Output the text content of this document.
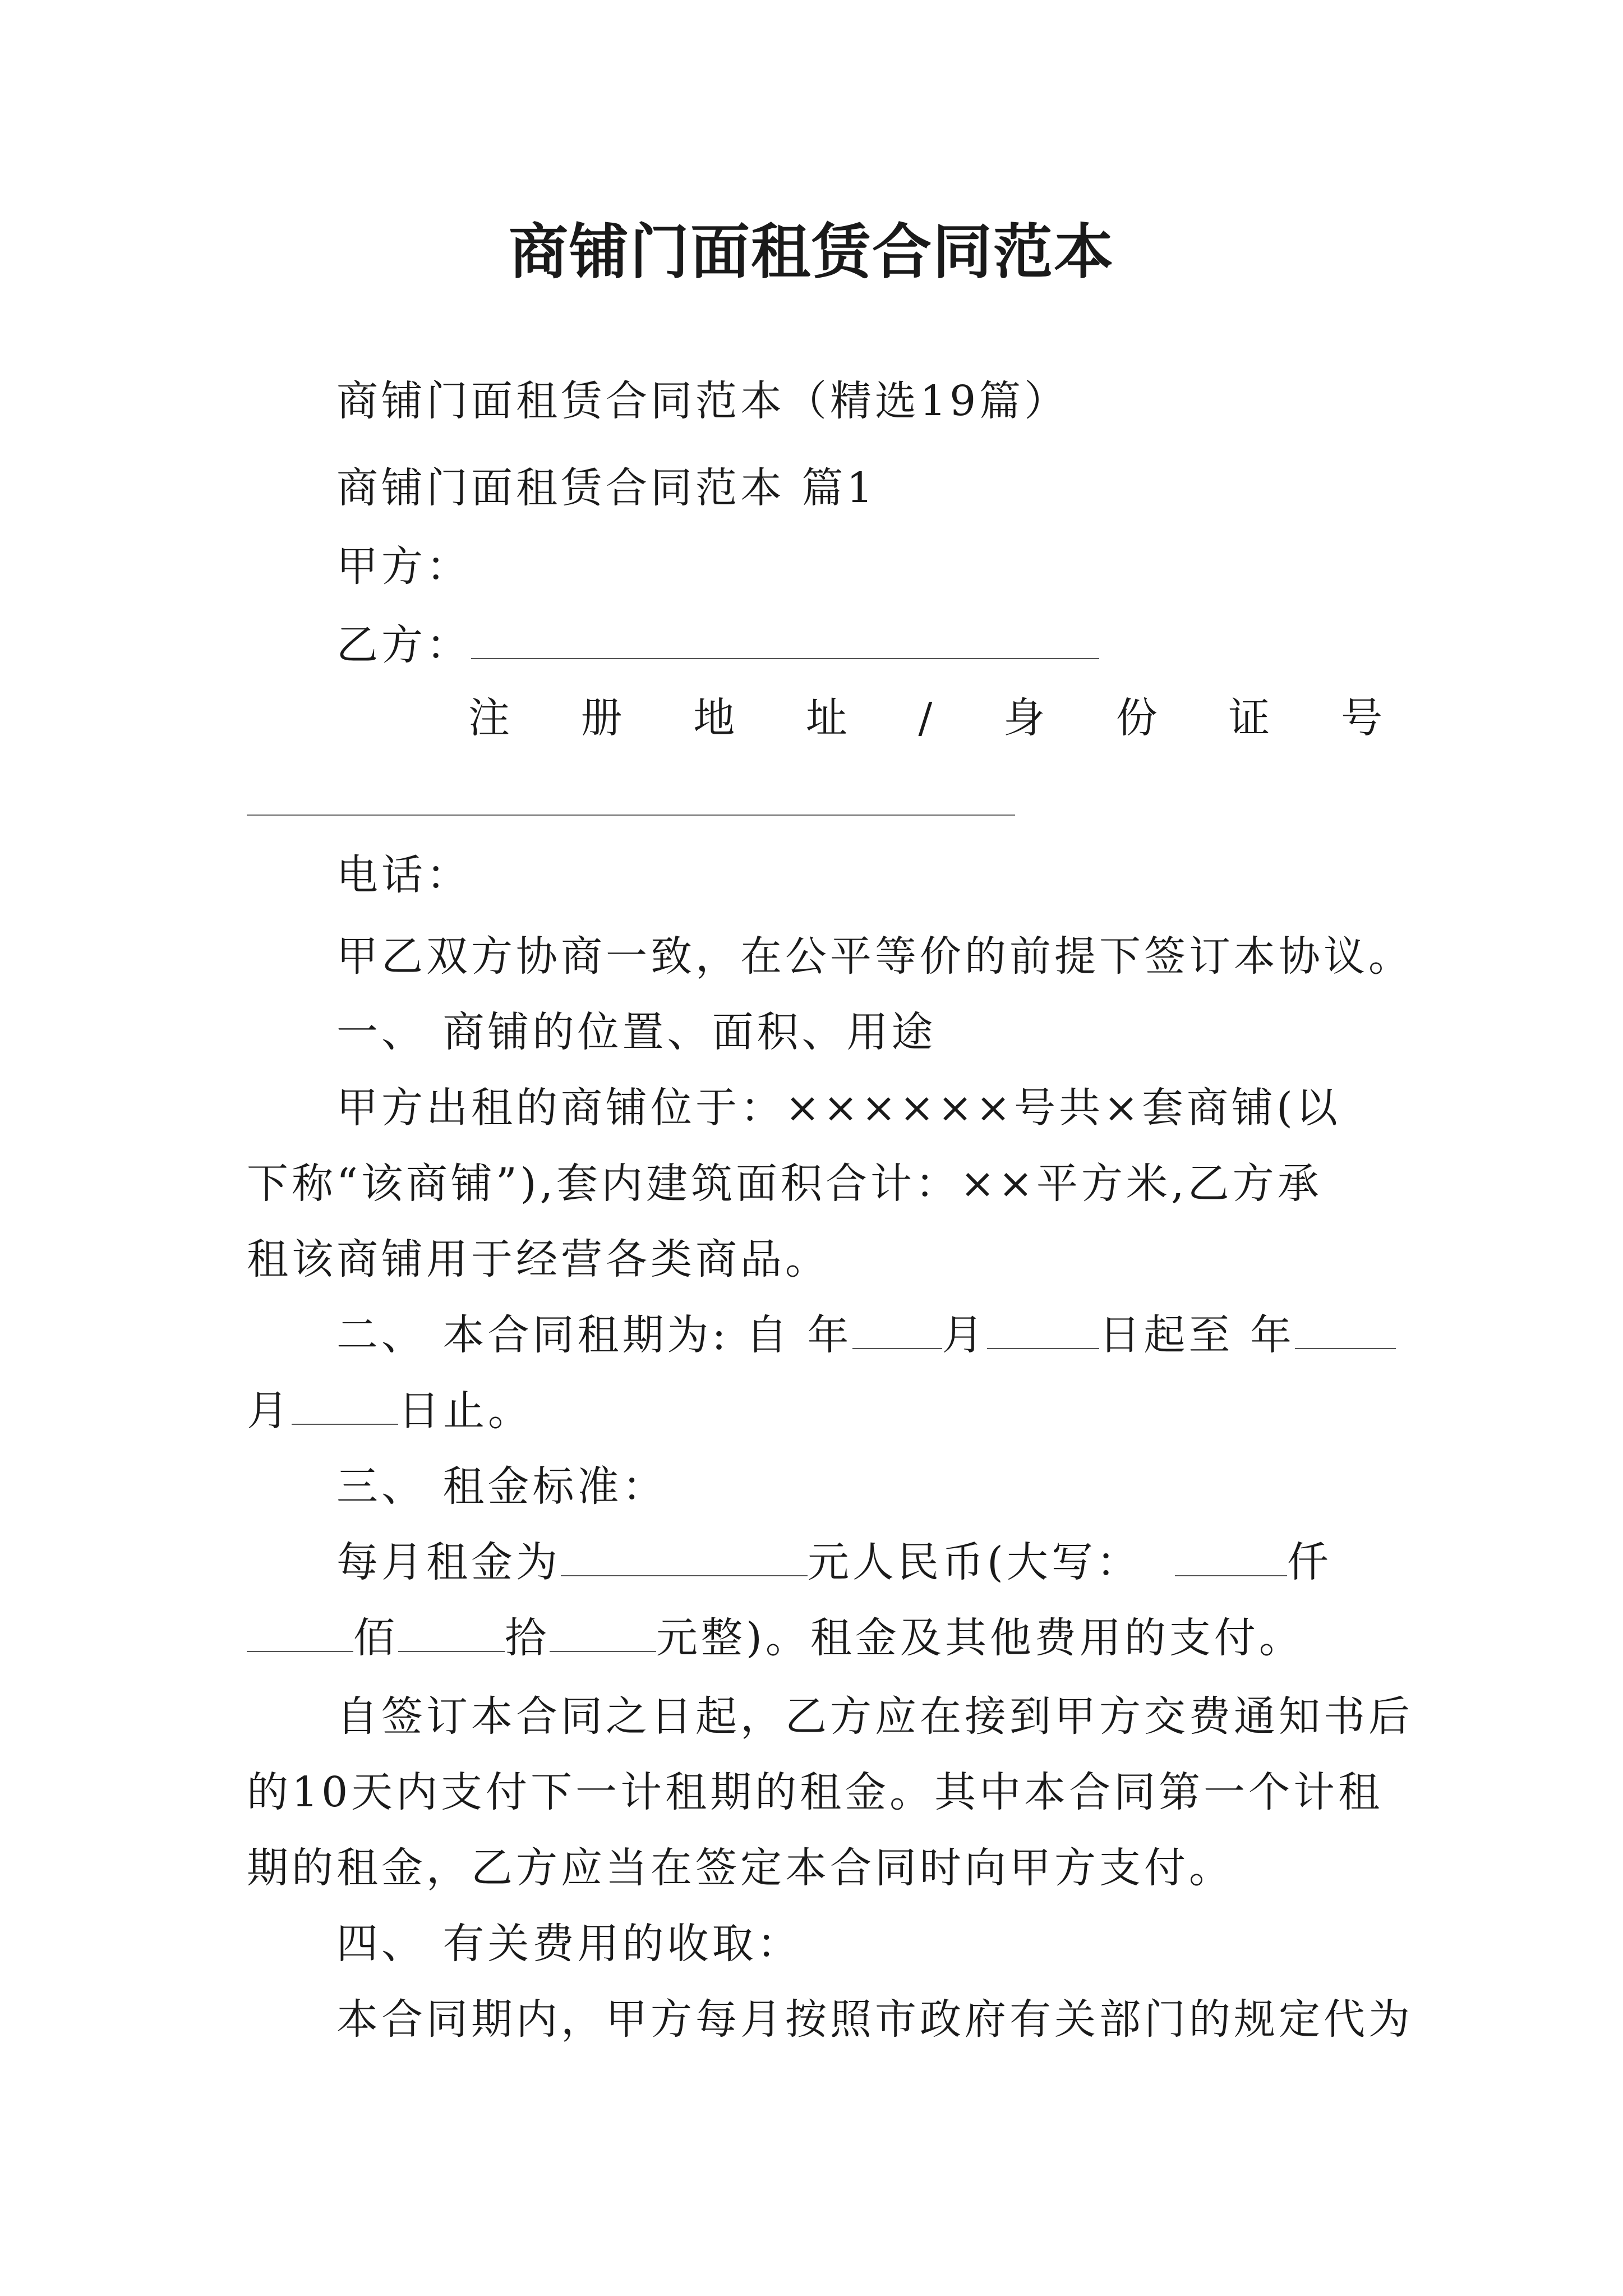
商铺门面租赁合同范本

商铺门面租赁合同范本（精选19篇）

商铺门面租赁合同范本 篇1

甲方：

乙方：

注 册 地 址 / 身 份 证 号

电话：

甲乙双方协商一致，在公平等价的前提下签订本协议。

一、 商铺的位置、面积、用途

甲方出租的商铺位于：××××××号共×套商铺(以

下称“该商铺”),套内建筑面积合计：××平方米,乙方承

租该商铺用于经营各类商品。

二、 本合同租期为: 自 年 月	日起至 年

月	日止。

三、 租金标准：

每月租金为	元人民币(大写：	仟

佰	拾	元整)。租金及其他费用的支付。

自签订本合同之日起，乙方应在接到甲方交费通知书后

的10天内支付下一计租期的租金。其中本合同第一个计租

期的租金，乙方应当在签定本合同时向甲方支付。

四、 有关费用的收取：

本合同期内，甲方每月按照市政府有关部门的规定代为
